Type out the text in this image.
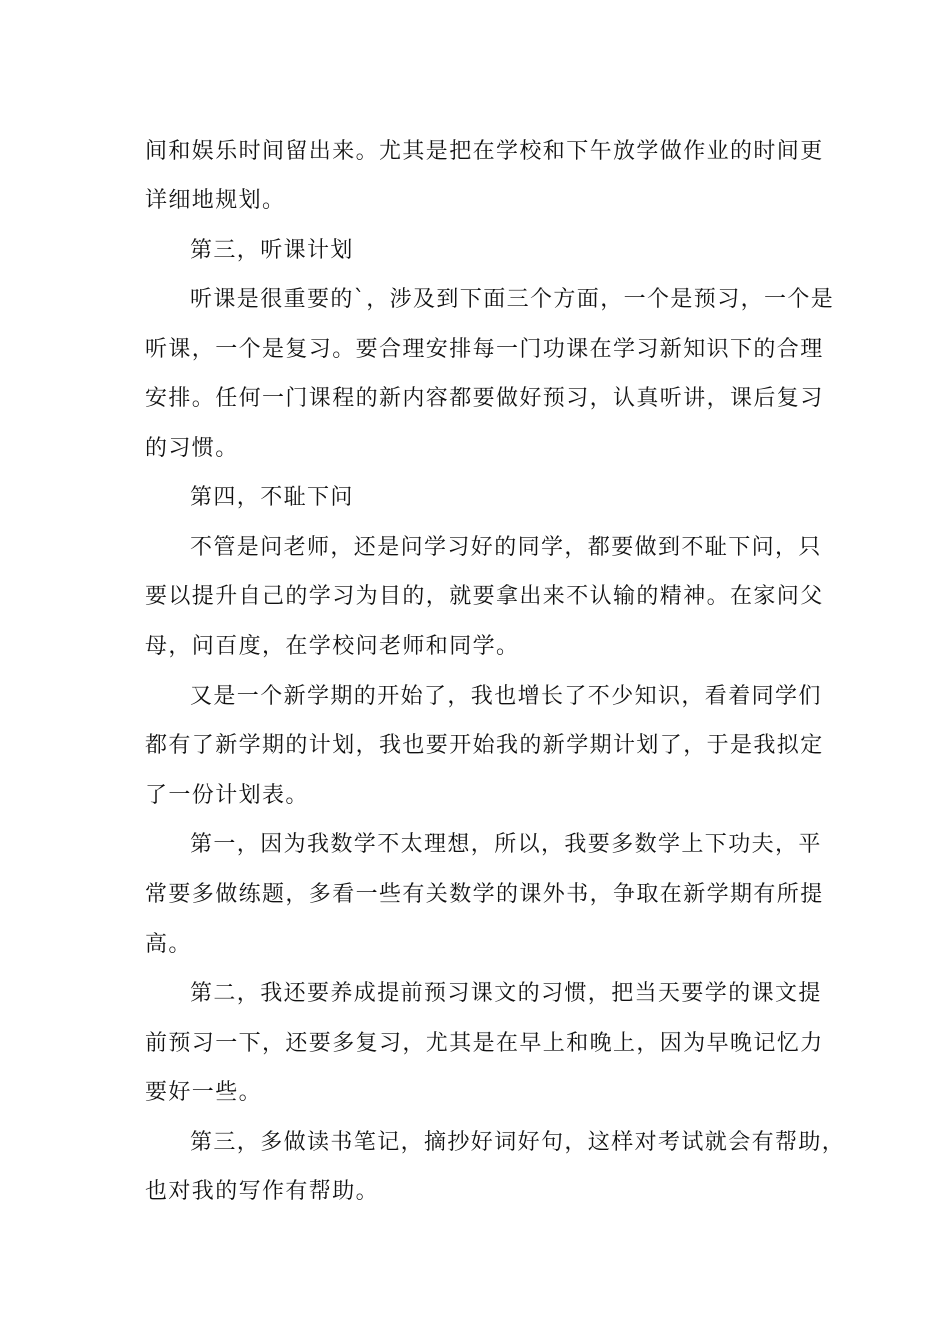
间和娱乐时间留出来。尤其是把在学校和下午放学做作业的时间更
详细地规划。
第三，听课计划
听课是很重要的`，涉及到下面三个方面，一个是预习，一个是
听课，一个是复习。要合理安排每一门功课在学习新知识下的合理
安排。任何一门课程的新内容都要做好预习，认真听讲，课后复习
的习惯。
第四，不耻下问
不管是问老师，还是问学习好的同学，都要做到不耻下问，只
要以提升自己的学习为目的，就要拿出来不认输的精神。在家问父
母，问百度，在学校问老师和同学。
又是一个新学期的开始了，我也增长了不少知识，看着同学们
都有了新学期的计划，我也要开始我的新学期计划了，于是我拟定
了一份计划表。
第一，因为我数学不太理想，所以，我要多数学上下功夫，平
常要多做练题，多看一些有关数学的课外书，争取在新学期有所提
高。
第二，我还要养成提前预习课文的习惯，把当天要学的课文提
前预习一下，还要多复习，尤其是在早上和晚上，因为早晚记忆力
要好一些。
第三，多做读书笔记，摘抄好词好句，这样对考试就会有帮助，
也对我的写作有帮助。
